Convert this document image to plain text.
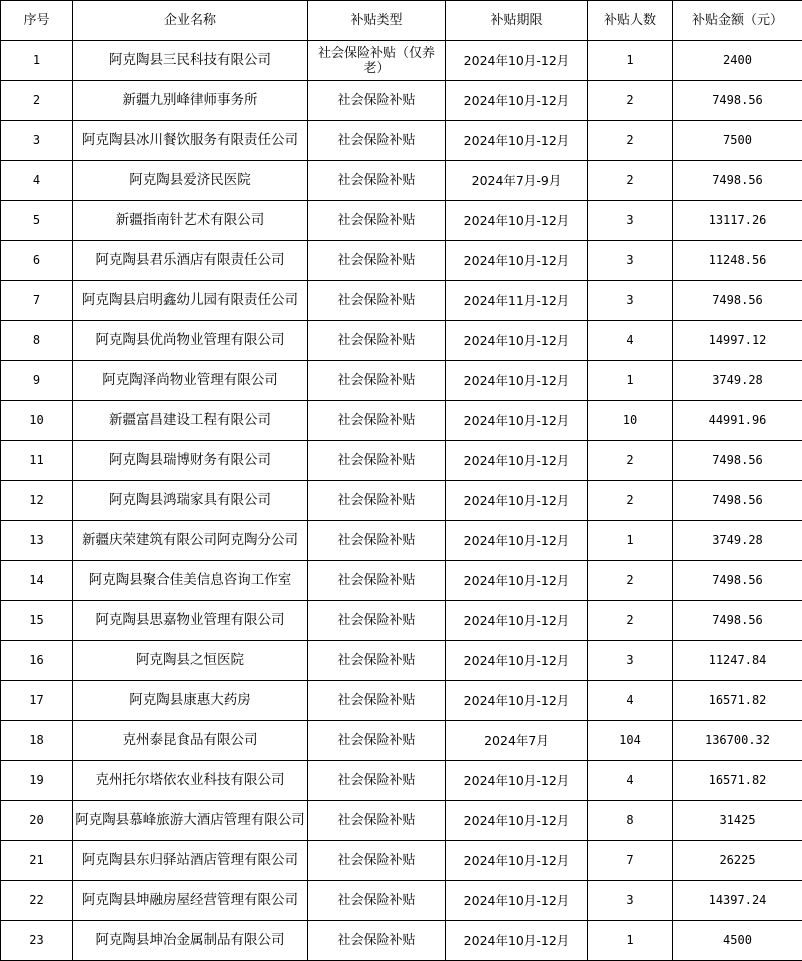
序号	企业名称	补贴类型	补贴期限	补贴人数	补贴金额（元）
1	阿克陶县三民科技有限公司	社会保险补贴（仅养老）	2024年10月-12月	1	2400
2	新疆九别峰律师事务所	社会保险补贴	2024年10月-12月	2	7498.56
3	阿克陶县冰川餐饮服务有限责任公司	社会保险补贴	2024年10月-12月	2	7500
4	阿克陶县爱济民医院	社会保险补贴	2024年7月-9月	2	7498.56
5	新疆指南针艺术有限公司	社会保险补贴	2024年10月-12月	3	13117.26
6	阿克陶县君乐酒店有限责任公司	社会保险补贴	2024年10月-12月	3	11248.56
7	阿克陶县启明鑫幼儿园有限责任公司	社会保险补贴	2024年11月-12月	3	7498.56
8	阿克陶县优尚物业管理有限公司	社会保险补贴	2024年10月-12月	4	14997.12
9	阿克陶泽尚物业管理有限公司	社会保险补贴	2024年10月-12月	1	3749.28
10	新疆富昌建设工程有限公司	社会保险补贴	2024年10月-12月	10	44991.96
11	阿克陶县瑞博财务有限公司	社会保险补贴	2024年10月-12月	2	7498.56
12	阿克陶县鸿瑞家具有限公司	社会保险补贴	2024年10月-12月	2	7498.56
13	新疆庆荣建筑有限公司阿克陶分公司	社会保险补贴	2024年10月-12月	1	3749.28
14	阿克陶县聚合佳美信息咨询工作室	社会保险补贴	2024年10月-12月	2	7498.56
15	阿克陶县思嘉物业管理有限公司	社会保险补贴	2024年10月-12月	2	7498.56
16	阿克陶县之恒医院	社会保险补贴	2024年10月-12月	3	11247.84
17	阿克陶县康惠大药房	社会保险补贴	2024年10月-12月	4	16571.82
18	克州泰昆食品有限公司	社会保险补贴	2024年7月	104	136700.32
19	克州托尔塔依农业科技有限公司	社会保险补贴	2024年10月-12月	4	16571.82
20	阿克陶县慕峰旅游大酒店管理有限公司	社会保险补贴	2024年10月-12月	8	31425
21	阿克陶县东归驿站酒店管理有限公司	社会保险补贴	2024年10月-12月	7	26225
22	阿克陶县坤融房屋经营管理有限公司	社会保险补贴	2024年10月-12月	3	14397.24
23	阿克陶县坤冶金属制品有限公司	社会保险补贴	2024年10月-12月	1	4500
